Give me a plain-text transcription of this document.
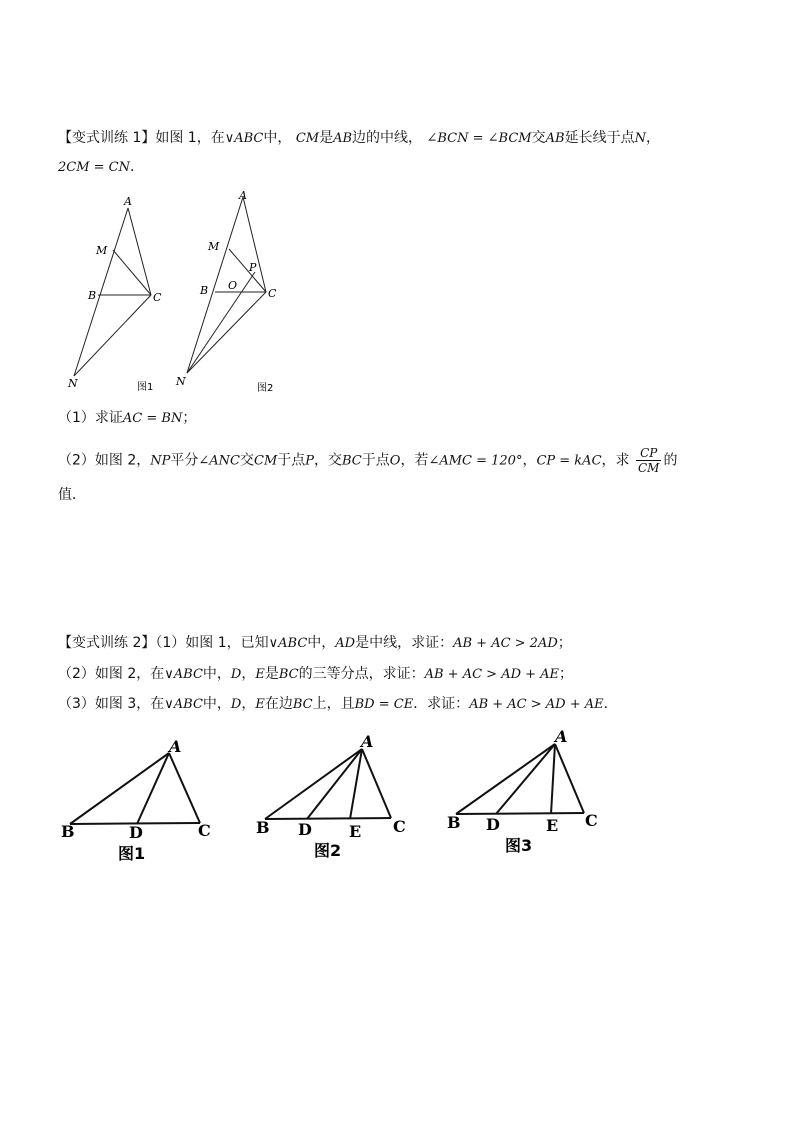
【变式训练 1】如图 1，在∨ABC中， CM是AB边的中线， ∠BCN = ∠BCM交AB延长线于点N，
2CM = CN．
A
M
B	C
N	图1
A
M
P
B O
C
N
图2
（1）求证AC = BN；
（2）如图 2，NP平分∠ANC交CM于点P，交BC于点O，若∠AMC = 120°，CP = kAC，求 $\frac{CP}{CM}$ 的
值．
【变式训练 2】（1）如图 1，已知∨ABC中，AD是中线，求证：AB + AC > 2AD；
（2）如图 2，在∨ABC中，D，E是BC的三等分点，求证：AB + AC > AD + AE；
（3）如图 3，在∨ABC中，D，E在边BC上，且BD = CE．求证：AB + AC > AD + AE．
A
B	D	C
图1
A
B D E C
图2
A
B D	E C
图3
